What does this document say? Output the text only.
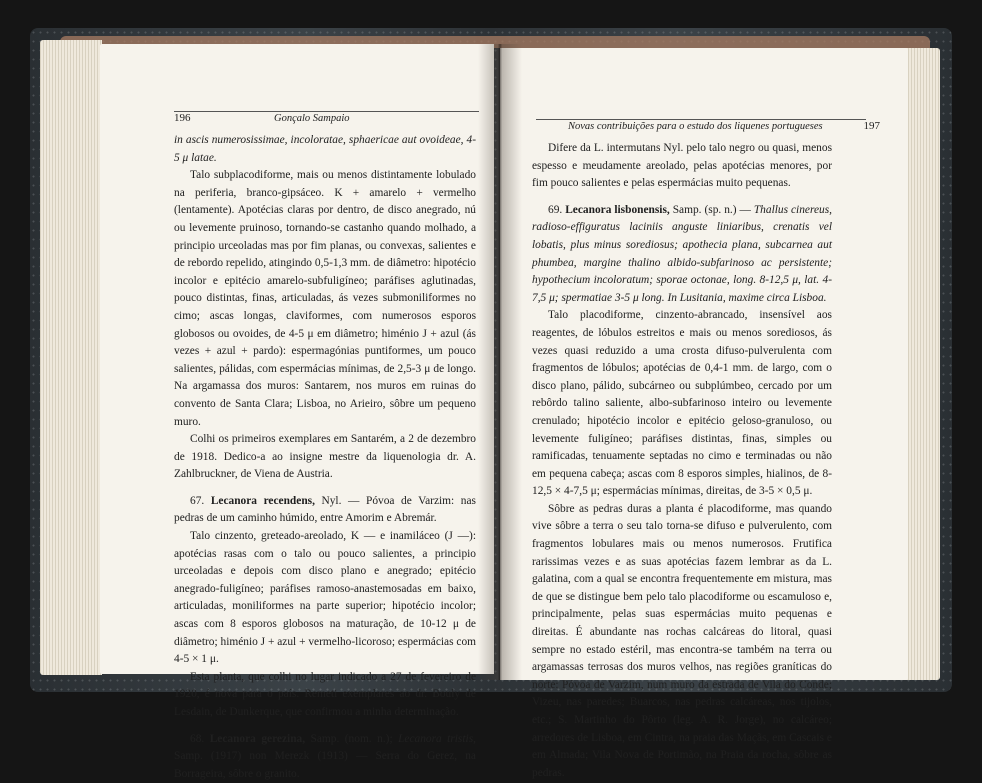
196	Gonçalo Sampaio

in ascis numerosissimae, incoloratae, sphaericae aut ovoideae, 4-5 μ latae.

Talo subplacodiforme, mais ou menos distintamente lobulado na periferia, branco-gipsáceo. K + amarelo + vermelho (lentamente). Apotécias claras por dentro, de disco anegrado, nú ou levemente pruinoso, tornando-se castanho quando molhado, a principio urceoladas mas por fim planas, ou convexas, salientes e de rebordo repelido, atingindo 0,5-1,3 mm. de diâmetro: hipotécio incolor e epitécio amarelo-subfuligíneo; paráfises aglutinadas, pouco distintas, finas, articuladas, ás vezes submoniliformes no cimo; ascas longas, claviformes, com numerosos esporos globosos ou ovoides, de 4-5 μ em diâmetro; himénio J + azul (ás vezes + azul + pardo): espermagónias puntiformes, um pouco salientes, pálidas, com espermácias mínimas, de 2,5-3 μ de longo. Na argamassa dos muros: Santarem, nos muros em ruinas do convento de Santa Clara; Lisboa, no Arieiro, sôbre um pequeno muro.

Colhi os primeiros exemplares em Santarém, a 2 de dezembro de 1918. Dedico-a ao insigne mestre da liquenologia dr. A. Zahlbruckner, de Viena de Austria.

67. Lecanora recendens, Nyl. — Póvoa de Varzim: nas pedras de um caminho húmido, entre Amorim e Abremár.

Talo cinzento, greteado-areolado, K — e inamiláceo (J —): apotécias rasas com o talo ou pouco salientes, a principio urceoladas e depois com disco plano e anegrado; epitécio anegrado-fuligíneo; paráfises ramoso-anastemosadas em baixo, articuladas, moniliformes na parte superior; hipotécio incolor; ascas com 8 esporos globosos na maturação, de 10-12 μ de diâmetro; himénio J + azul + vermelho-licoroso; espermácias com 4-5 × 1 μ.

Esta planta, que colhi no lugar indicado a 27 de fevereiro de 1920, é nova para o país. Remeti exemplares ao dr. Bouly de Lesdain, de Dunkerque, que confirmou a minha determinação.

68. Lecanora gerezina, Samp. (nom. n.); Lecanora tristis, Samp. (1917) non Merezk (1913) — Serra do Gerez, na Borrageira, sôbre o granito.

Novas contribuições para o estudo dos liquenes portugueses	197

Difere da L. intermutans Nyl. pelo talo negro ou quasi, menos espesso e meudamente areolado, pelas apotécias menores, por fim pouco salientes e pelas espermácias muito pequenas.

69. Lecanora lisbonensis, Samp. (sp. n.) — Thallus cinereus, radioso-effiguratus laciniis anguste liniaribus, crenatis vel lobatis, plus minus sorediosus; apothecia plana, subcarnea aut phumbea, margine thalino albido-subfarinoso ac persistente; hypothecium incoloratum; sporae octonae, long. 8-12,5 μ, lat. 4-7,5 μ; spermatiae 3-5 μ long. In Lusitania, maxime circa Lisboa.

Talo placodiforme, cinzento-abrancado, insensível aos reagentes, de lóbulos estreitos e mais ou menos sorediosos, ás vezes quasi reduzido a uma crosta difuso-pulverulenta com fragmentos de lóbulos; apotécias de 0,4-1 mm. de largo, com o disco plano, pálido, subcárneo ou subplúmbeo, cercado por um rebôrdo talino saliente, albo-subfarinoso inteiro ou levemente crenulado; hipotécio incolor e epitécio geloso-granuloso, ou levemente fuligíneo; paráfises distintas, finas, simples ou ramificadas, tenuamente septadas no cimo e terminadas ou não em pequena cabeça; ascas com 8 esporos simples, hialinos, de 8-12,5 × 4-7,5 μ; espermácias mínimas, direitas, de 3-5 × 0,5 μ.

Sôbre as pedras duras a planta é placodiforme, mas quando vive sôbre a terra o seu talo torna-se difuso e pulverulento, com fragmentos lobulares mais ou menos numerosos. Frutifica rarissimas vezes e as suas apotécias fazem lembrar as da L. galatina, com a qual se encontra frequentemente em mistura, mas de que se distingue bem pelo talo placodiforme ou escamuloso e, principalmente, pelas suas espermácias muito pequenas e direitas. É abundante nas rochas calcáreas do litoral, quasi sempre no estado estéril, mas encontra-se também na terra ou argamassas terrosas dos muros velhos, nas regiões graníticas do norte: Póvoa de Varzim, num muro da estrada de Vila do Conde; Vizeu, nas paredes; Buarcos, nas pedras calcáreas, nos tijolos, etc.; S. Martinho do Pôrto (leg. A. R. Jorge), no calcáreo; arredores de Lisboa, em Cintra, na praia das Maçãs, em Cascais e em Almada; Vila Nova de Portimão, na Praia da rocha, sôbre as pedras.
